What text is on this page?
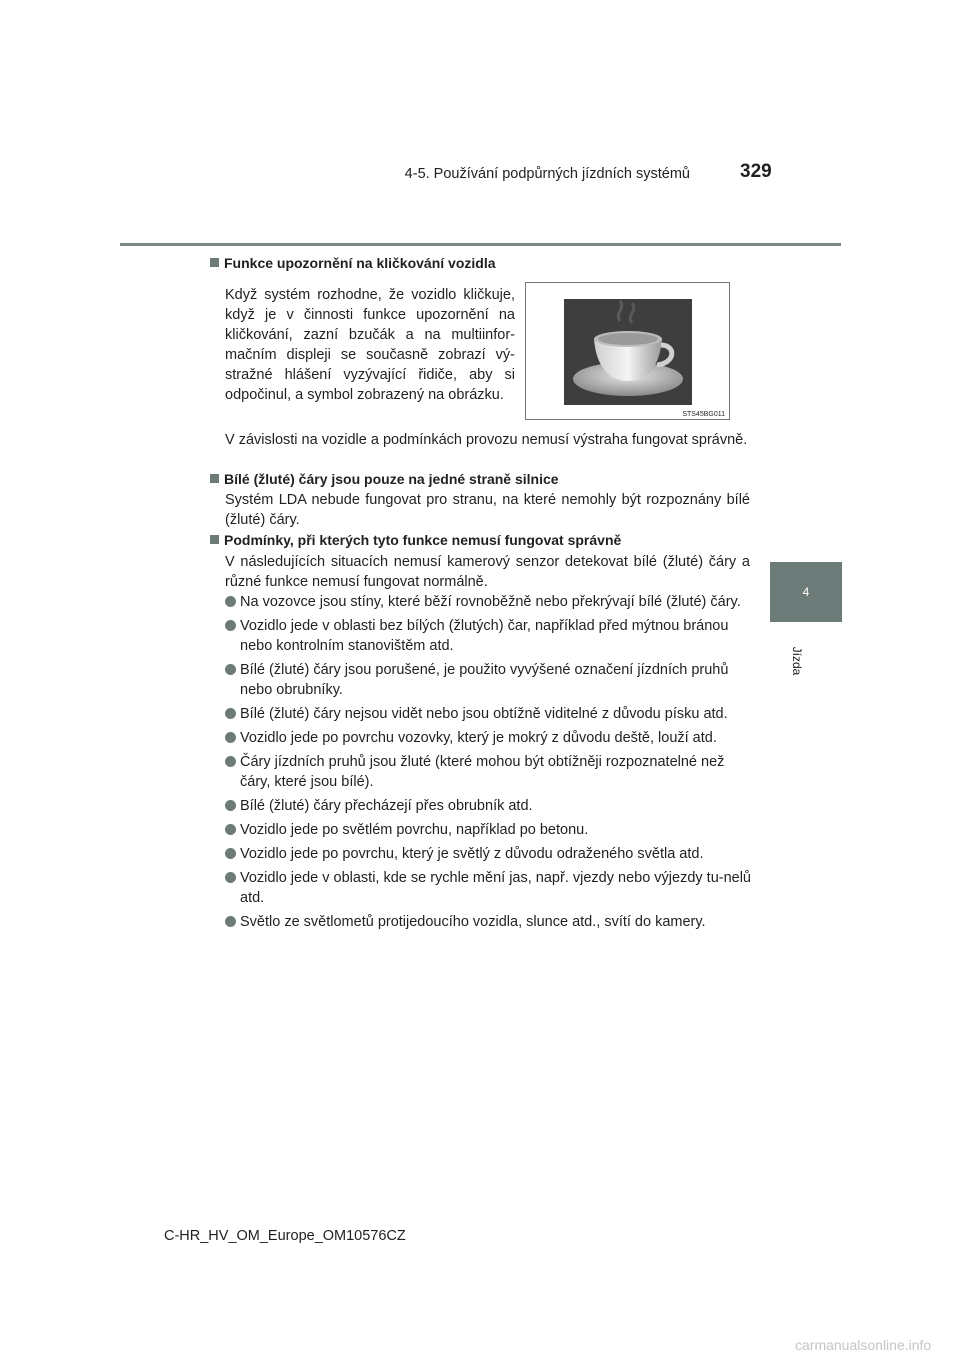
4-5. Používání podpůrných jízdních systémů	329
4
Jízda
Funkce upozornění na kličkování vozidla
Když systém rozhodne, že vozidlo kličkuje, když je v činnosti funkce upozornění na kličkování, zazní bzučák a na multiinfor-mačním displeji se současně zobrazí vý-stražné hlášení vyzývající řidiče, aby si odpočinul, a symbol zobrazený na obrázku.
STS45BG011
V závislosti na vozidle a podmínkách provozu nemusí výstraha fungovat správně.
Bílé (žluté) čáry jsou pouze na jedné straně silnice
Systém LDA nebude fungovat pro stranu, na které nemohly být rozpoznány bílé (žluté) čáry.
Podmínky, při kterých tyto funkce nemusí fungovat správně
V následujících situacích nemusí kamerový senzor detekovat bílé (žluté) čáry a různé funkce nemusí fungovat normálně.
Na vozovce jsou stíny, které běží rovnoběžně nebo překrývají bílé (žluté) čáry.
Vozidlo jede v oblasti bez bílých (žlutých) čar, například před mýtnou bránou nebo kontrolním stanovištěm atd.
Bílé (žluté) čáry jsou porušené, je použito vyvýšené označení jízdních pruhů nebo obrubníky.
Bílé (žluté) čáry nejsou vidět nebo jsou obtížně viditelné z důvodu písku atd.
Vozidlo jede po povrchu vozovky, který je mokrý z důvodu deště, louží atd.
Čáry jízdních pruhů jsou žluté (které mohou být obtížněji rozpoznatelné než čáry, které jsou bílé).
Bílé (žluté) čáry přecházejí přes obrubník atd.
Vozidlo jede po světlém povrchu, například po betonu.
Vozidlo jede po povrchu, který je světlý z důvodu odraženého světla atd.
Vozidlo jede v oblasti, kde se rychle mění jas, např. vjezdy nebo výjezdy tu-nelů atd.
Světlo ze světlometů protijedoucího vozidla, slunce atd., svítí do kamery.
C-HR_HV_OM_Europe_OM10576CZ
carmanualsonline.info
